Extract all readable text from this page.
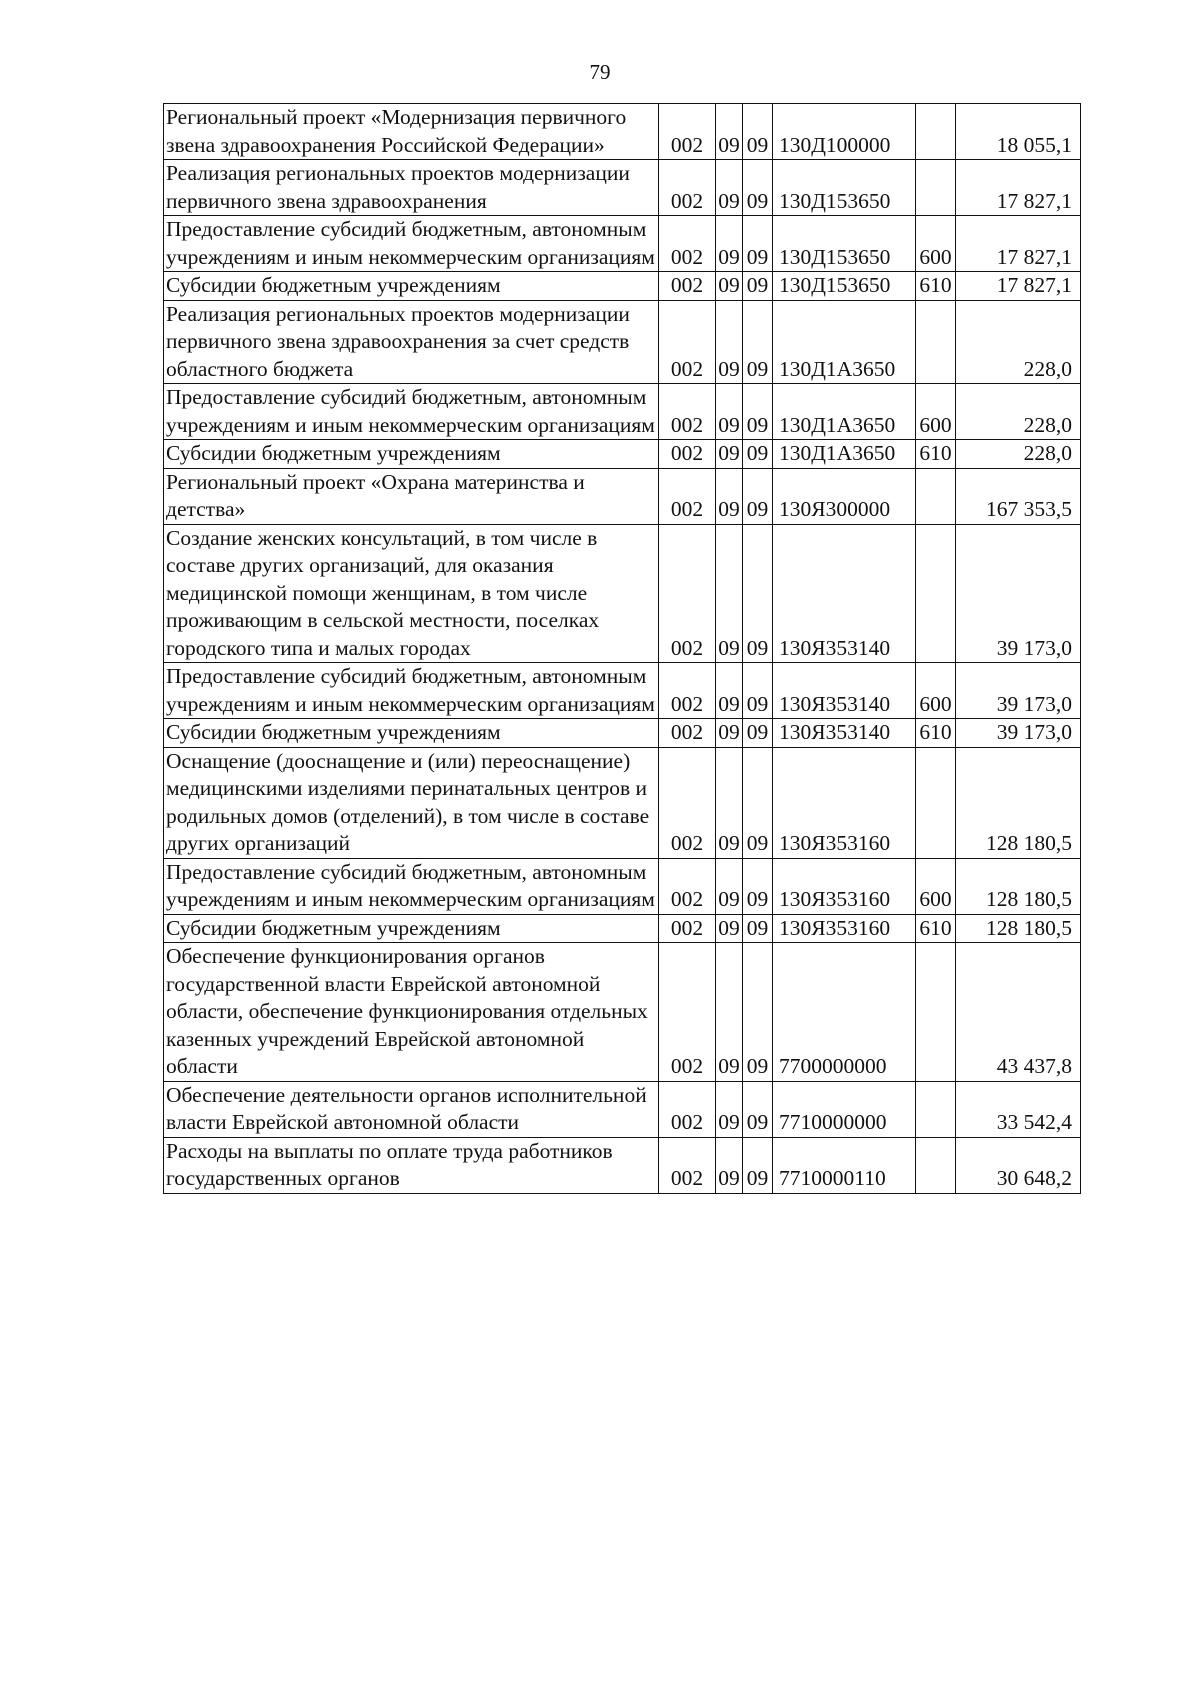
79
Региональный проект «Модернизация первичного звена здравоохранения Российской Федерации»	002	09	09	130Д100000		18 055,1
Реализация региональных проектов модернизации первичного звена здравоохранения	002	09	09	130Д153650		17 827,1
Предоставление субсидий бюджетным, автономным учреждениям и иным некоммерческим организациям	002	09	09	130Д153650	600	17 827,1
Субсидии бюджетным учреждениям	002	09	09	130Д153650	610	17 827,1
Реализация региональных проектов модернизации первичного звена здравоохранения за счет средств областного бюджета	002	09	09	130Д1А3650		228,0
Предоставление субсидий бюджетным, автономным учреждениям и иным некоммерческим организациям	002	09	09	130Д1А3650	600	228,0
Субсидии бюджетным учреждениям	002	09	09	130Д1А3650	610	228,0
Региональный проект «Охрана материнства и детства»	002	09	09	130Я300000		167 353,5
Создание женских консультаций, в том числе в составе других организаций, для оказания медицинской помощи женщинам, в том числе проживающим в сельской местности, поселках городского типа и малых городах	002	09	09	130Я353140		39 173,0
Предоставление субсидий бюджетным, автономным учреждениям и иным некоммерческим организациям	002	09	09	130Я353140	600	39 173,0
Субсидии бюджетным учреждениям	002	09	09	130Я353140	610	39 173,0
Оснащение (дооснащение и (или) переоснащение) медицинскими изделиями перинатальных центров и родильных домов (отделений), в том числе в составе других организаций	002	09	09	130Я353160		128 180,5
Предоставление субсидий бюджетным, автономным учреждениям и иным некоммерческим организациям	002	09	09	130Я353160	600	128 180,5
Субсидии бюджетным учреждениям	002	09	09	130Я353160	610	128 180,5
Обеспечение функционирования органов государственной власти Еврейской автономной области, обеспечение функционирования отдельных казенных учреждений Еврейской автономной области	002	09	09	7700000000		43 437,8
Обеспечение деятельности органов исполнительной власти Еврейской автономной области	002	09	09	7710000000		33 542,4
Расходы на выплаты по оплате труда работников государственных органов	002	09	09	7710000110		30 648,2
